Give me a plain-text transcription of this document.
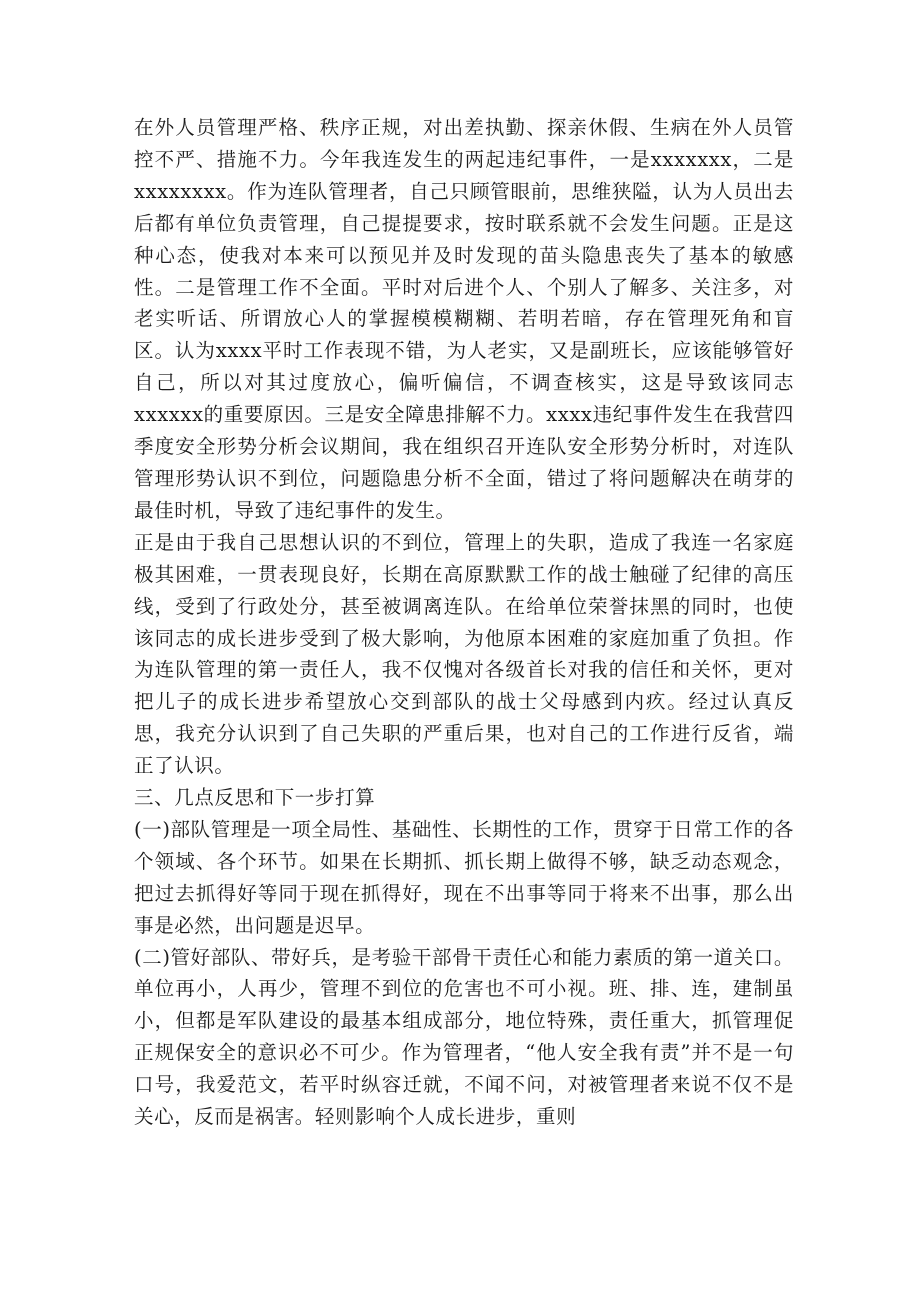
在外人员管理严格、秩序正规，对出差执勤、探亲休假、生病在外人员管控不严、措施不力。今年我连发生的两起违纪事件，一是xxxxxxx，二是xxxxxxxx。作为连队管理者，自己只顾管眼前，思维狭隘，认为人员出去后都有单位负责管理，自己提提要求，按时联系就不会发生问题。正是这种心态，使我对本来可以预见并及时发现的苗头隐患丧失了基本的敏感性。二是管理工作不全面。平时对后进个人、个别人了解多、关注多，对老实听话、所谓放心人的掌握模模糊糊、若明若暗，存在管理死角和盲区。认为xxxx平时工作表现不错，为人老实，又是副班长，应该能够管好自己，所以对其过度放心，偏听偏信，不调查核实，这是导致该同志xxxxxx的重要原因。三是安全障患排解不力。xxxx违纪事件发生在我营四季度安全形势分析会议期间，我在组织召开连队安全形势分析时，对连队管理形势认识不到位，问题隐患分析不全面，错过了将问题解决在萌芽的最佳时机，导致了违纪事件的发生。

正是由于我自己思想认识的不到位，管理上的失职，造成了我连一名家庭极其困难，一贯表现良好，长期在高原默默工作的战士触碰了纪律的高压线，受到了行政处分，甚至被调离连队。在给单位荣誉抹黑的同时，也使该同志的成长进步受到了极大影响，为他原本困难的家庭加重了负担。作为连队管理的第一责任人，我不仅愧对各级首长对我的信任和关怀，更对把儿子的成长进步希望放心交到部队的战士父母感到内疚。经过认真反思，我充分认识到了自己失职的严重后果，也对自己的工作进行反省，端正了认识。

三、几点反思和下一步打算

(一)部队管理是一项全局性、基础性、长期性的工作，贯穿于日常工作的各个领域、各个环节。如果在长期抓、抓长期上做得不够，缺乏动态观念，把过去抓得好等同于现在抓得好，现在不出事等同于将来不出事，那么出事是必然，出问题是迟早。

(二)管好部队、带好兵，是考验干部骨干责任心和能力素质的第一道关口。单位再小，人再少，管理不到位的危害也不可小视。班、排、连，建制虽小，但都是军队建设的最基本组成部分，地位特殊，责任重大，抓管理促正规保安全的意识必不可少。作为管理者，“他人安全我有责”并不是一句口号，我爱范文，若平时纵容迁就，不闻不问，对被管理者来说不仅不是关心，反而是祸害。轻则影响个人成长进步，重则
